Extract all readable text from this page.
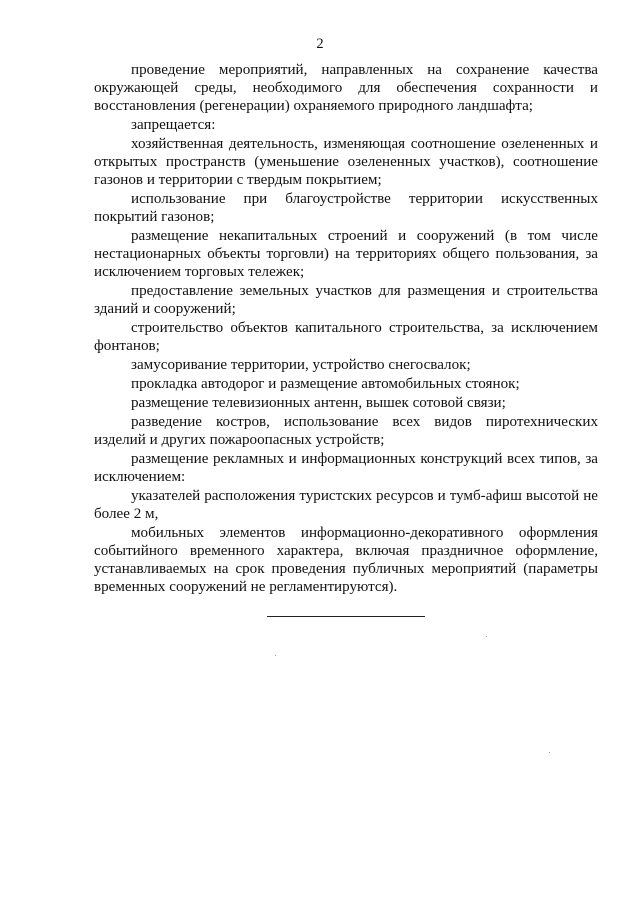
2

проведение мероприятий, направленных на сохранение качества окружающей среды, необходимого для обеспечения сохранности и восстановления (регенерации) охраняемого природного ландшафта;

запрещается:

хозяйственная деятельность, изменяющая соотношение озелененных и открытых пространств (уменьшение озелененных участков), соотношение газонов и территории с твердым покрытием;

использование при благоустройстве территории искусственных покрытий газонов;

размещение некапитальных строений и сооружений (в том числе нестационарных объекты торговли) на территориях общего пользования, за исключением торговых тележек;

предоставление земельных участков для размещения и строительства зданий и сооружений;

строительство объектов капитального строительства, за исключением фонтанов;

замусоривание территории, устройство снегосвалок;

прокладка автодорог и размещение автомобильных стоянок;

размещение телевизионных антенн, вышек сотовой связи;

разведение костров, использование всех видов пиротехнических изделий и других пожароопасных устройств;

размещение рекламных и информационных конструкций всех типов, за исключением:

указателей расположения туристских ресурсов и тумб-афиш высотой не более 2 м,

мобильных элементов информационно-декоративного оформления событийного временного характера, включая праздничное оформление, устанавливаемых на срок проведения публичных мероприятий (параметры временных сооружений не регламентируются).
